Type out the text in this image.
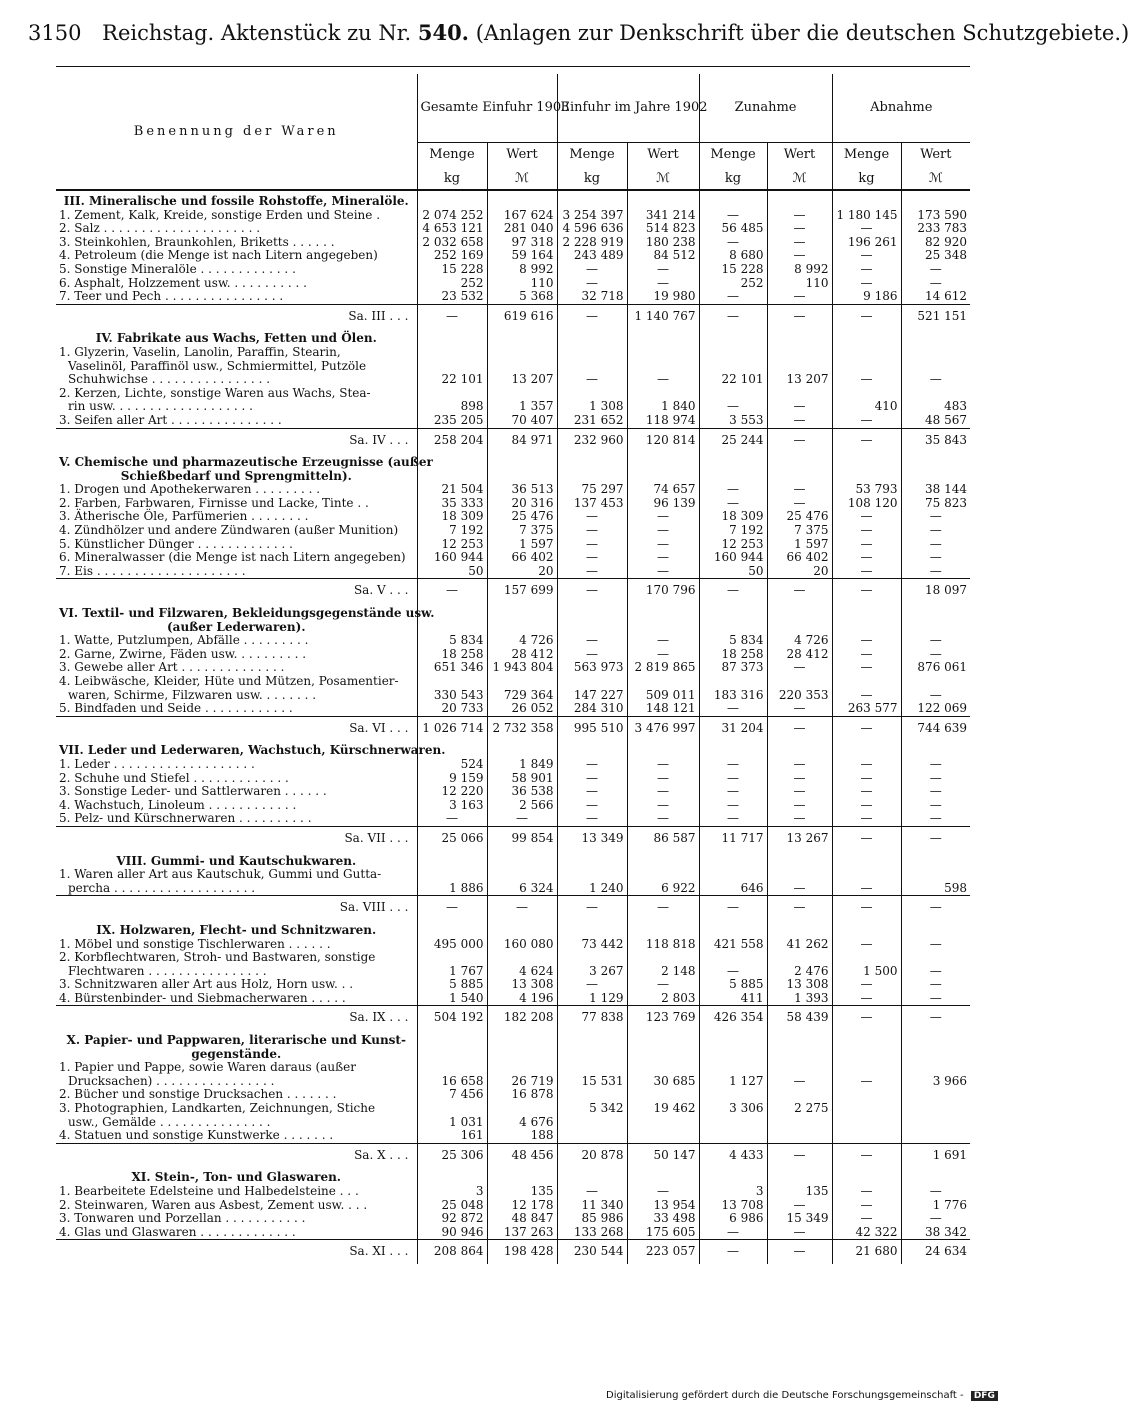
3150 Reichstag. Aktenstück zu Nr. 540. (Anlagen zur Denkschrift über die deutschen Schutzgebiete.)
Benennung der Waren	Gesamte Einfuhr 1903		Einfuhr im Jahre 1902		Zunahme		Abnahme	
	Menge	Wert	Menge	Wert	Menge	Wert	Menge	Wert
	kg	ℳ	kg	ℳ	kg	ℳ	kg	ℳ
III. Mineralische und fossile Rohstoffe, Mineralöle.								
1. Zement, Kalk, Kreide, sonstige Erden und Steine .	2 074 252	167 624	3 254 397	341 214	—	—	1 180 145	173 590
2. Salz . . . . . . . . . . . . . . . . . . . . .	4 653 121	281 040	4 596 636	514 823	56 485	—	—	233 783
3. Steinkohlen, Braunkohlen, Briketts . . . . . .	2 032 658	97 318	2 228 919	180 238	—	—	196 261	82 920
4. Petroleum (die Menge ist nach Litern angegeben)	252 169	59 164	243 489	84 512	8 680	—	—	25 348
5. Sonstige Mineralöle . . . . . . . . . . . . .	15 228	8 992	—	—	15 228	8 992	—	—
6. Asphalt, Holzzement usw. . . . . . . . . . .	252	110	—	—	252	110	—	—
7. Teer und Pech . . . . . . . . . . . . . . . .	23 532	5 368	32 718	19 980	—	—	9 186	14 612
Sa. III . . .	—	619 616	—	1 140 767	—	—	—	521 151
IV. Fabrikate aus Wachs, Fetten und Ölen.								
1. Glyzerin, Vaselin, Lanolin, Paraffin, Stearin,								
Vaselinöl, Paraffinöl usw., Schmiermittel, Putzöle								
Schuhwichse . . . . . . . . . . . . . . . .	22 101	13 207	—	—	22 101	13 207	—	—
2. Kerzen, Lichte, sonstige Waren aus Wachs, Stea-								
rin usw. . . . . . . . . . . . . . . . . . .	898	1 357	1 308	1 840	—	—	410	483
3. Seifen aller Art . . . . . . . . . . . . . . .	235 205	70 407	231 652	118 974	3 553	—	—	48 567
Sa. IV . . .	258 204	84 971	232 960	120 814	25 244	—	—	35 843
V. Chemische und pharmazeutische Erzeugnisse (außer								
Schießbedarf und Sprengmitteln).								
1. Drogen und Apothekerwaren . . . . . . . . .	21 504	36 513	75 297	74 657	—	—	53 793	38 144
2. Farben, Farbwaren, Firnisse und Lacke, Tinte . .	35 333	20 316	137 453	96 139	—	—	108 120	75 823
3. Ätherische Öle, Parfümerien . . . . . . . .	18 309	25 476	—	—	18 309	25 476	—	—
4. Zündhölzer und andere Zündwaren (außer Munition)	7 192	7 375	—	—	7 192	7 375	—	—
5. Künstlicher Dünger . . . . . . . . . . . . .	12 253	1 597	—	—	12 253	1 597	—	—
6. Mineralwasser (die Menge ist nach Litern angegeben)	160 944	66 402	—	—	160 944	66 402	—	—
7. Eis . . . . . . . . . . . . . . . . . . . .	50	20	—	—	50	20	—	—
Sa. V . . .	—	157 699	—	170 796	—	—	—	18 097
VI. Textil- und Filzwaren, Bekleidungsgegenstände usw.								
(außer Lederwaren).								
1. Watte, Putzlumpen, Abfälle . . . . . . . . .	5 834	4 726	—	—	5 834	4 726	—	—
2. Garne, Zwirne, Fäden usw. . . . . . . . . .	18 258	28 412	—	—	18 258	28 412	—	—
3. Gewebe aller Art . . . . . . . . . . . . . .	651 346	1 943 804	563 973	2 819 865	87 373	—	—	876 061
4. Leibwäsche, Kleider, Hüte und Mützen, Posamentier-								
waren, Schirme, Filzwaren usw. . . . . . . .	330 543	729 364	147 227	509 011	183 316	220 353	—	—
5. Bindfaden und Seide . . . . . . . . . . . .	20 733	26 052	284 310	148 121	—	—	263 577	122 069
Sa. VI . . .	1 026 714	2 732 358	995 510	3 476 997	31 204	—	—	744 639
VII. Leder und Lederwaren, Wachstuch, Kürschnerwaren.								
1. Leder . . . . . . . . . . . . . . . . . . .	524	1 849	—	—	—	—	—	—
2. Schuhe und Stiefel . . . . . . . . . . . . .	9 159	58 901	—	—	—	—	—	—
3. Sonstige Leder- und Sattlerwaren . . . . . .	12 220	36 538	—	—	—	—	—	—
4. Wachstuch, Linoleum . . . . . . . . . . . .	3 163	2 566	—	—	—	—	—	—
5. Pelz- und Kürschnerwaren . . . . . . . . . .	—	—	—	—	—	—	—	—
Sa. VII . . .	25 066	99 854	13 349	86 587	11 717	13 267	—	—
VIII. Gummi- und Kautschukwaren.								
1. Waren aller Art aus Kautschuk, Gummi und Gutta-								
percha . . . . . . . . . . . . . . . . . . .	1 886	6 324	1 240	6 922	646	—	—	598
Sa. VIII . . .	—	—	—	—	—	—	—	—
IX. Holzwaren, Flecht- und Schnitzwaren.								
1. Möbel und sonstige Tischlerwaren . . . . . .	495 000	160 080	73 442	118 818	421 558	41 262	—	—
2. Korbflechtwaren, Stroh- und Bastwaren, sonstige								
Flechtwaren . . . . . . . . . . . . . . . .	1 767	4 624	3 267	2 148	—	2 476	1 500	—
3. Schnitzwaren aller Art aus Holz, Horn usw. . .	5 885	13 308	—	—	5 885	13 308	—	—
4. Bürstenbinder- und Siebmacherwaren . . . . .	1 540	4 196	1 129	2 803	411	1 393	—	—
Sa. IX . . .	504 192	182 208	77 838	123 769	426 354	58 439	—	—
X. Papier- und Pappwaren, literarische und Kunst-								
gegenstände.								
1. Papier und Pappe, sowie Waren daraus (außer								
Drucksachen) . . . . . . . . . . . . . . . .	16 658	26 719	15 531	30 685	1 127	—	—	3 966
2. Bücher und sonstige Drucksachen . . . . . . .	7 456	16 878						
3. Photographien, Landkarten, Zeichnungen, Stiche			5 342	19 462	3 306	2 275		
usw., Gemälde . . . . . . . . . . . . . . .	1 031	4 676						
4. Statuen und sonstige Kunstwerke . . . . . . .	161	188						
Sa. X . . .	25 306	48 456	20 878	50 147	4 433	—	—	1 691
XI. Stein-, Ton- und Glaswaren.								
1. Bearbeitete Edelsteine und Halbedelsteine . . .	3	135	—	—	3	135	—	—
2. Steinwaren, Waren aus Asbest, Zement usw. . . .	25 048	12 178	11 340	13 954	13 708	—	—	1 776
3. Tonwaren und Porzellan . . . . . . . . . . .	92 872	48 847	85 986	33 498	6 986	15 349	—	—
4. Glas und Glaswaren . . . . . . . . . . . . .	90 946	137 263	133 268	175 605	—	—	42 322	38 342
Sa. XI . . .	208 864	198 428	230 544	223 057	—	—	21 680	24 634
Digitalisierung gefördert durch die Deutsche Forschungsgemeinschaft - DFG
